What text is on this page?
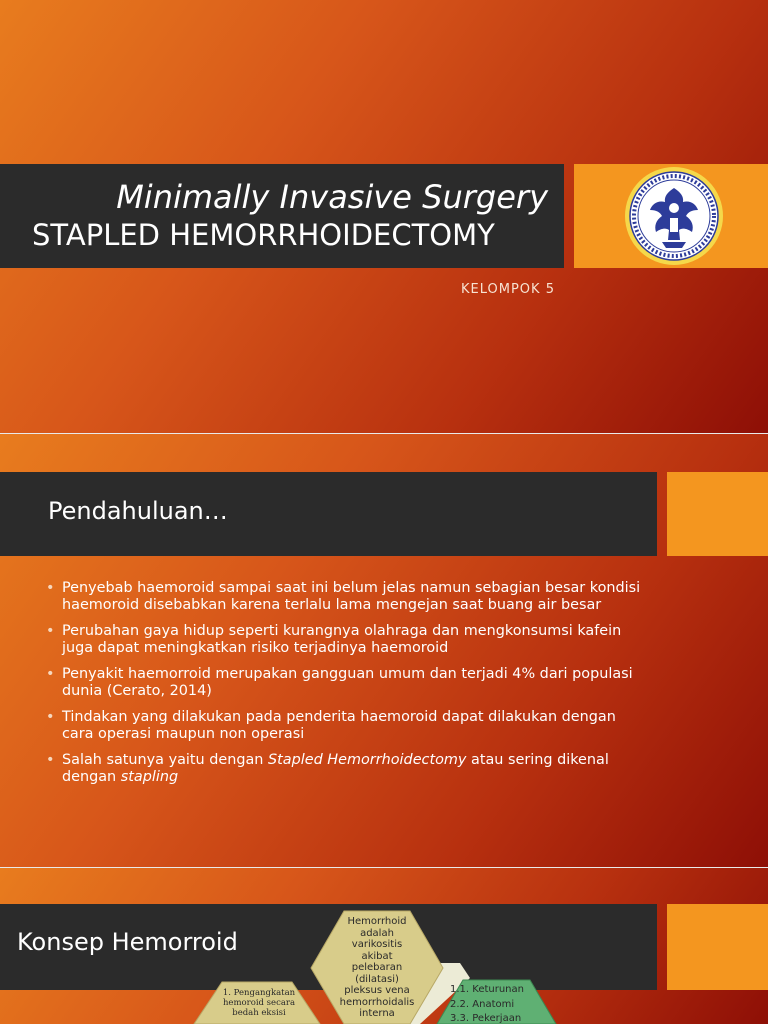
Minimally Invasive Surgery
STAPLED HEMORRHOIDECTOMY
KELOMPOK 5
Pendahuluan…
• Penyebab haemoroid sampai saat ini belum jelas namun sebagian besar kondisi haemoroid disebabkan karena terlalu lama mengejan saat buang air besar
• Perubahan gaya hidup seperti kurangnya olahraga dan mengkonsumsi kafein juga dapat meningkatkan risiko terjadinya haemoroid
• Penyakit haemorroid merupakan gangguan umum dan terjadi 4% dari populasi dunia (Cerato, 2014)
• Tindakan yang dilakukan pada penderita haemoroid dapat dilakukan dengan cara operasi maupun non operasi
• Salah satunya yaitu dengan Stapled Hemorrhoidectomy atau sering dikenal dengan stapling
Konsep Hemorroid
Hemorrhoid
adalah
varikositis
akibat
pelebaran
(dilatasi)
pleksus vena
hemorrhoidalis
interna
1. Pengangkatan
hemoroid secara
bedah eksisi
1.1. Keturunan
2.2. Anatomi
3.3. Pekerjaan
